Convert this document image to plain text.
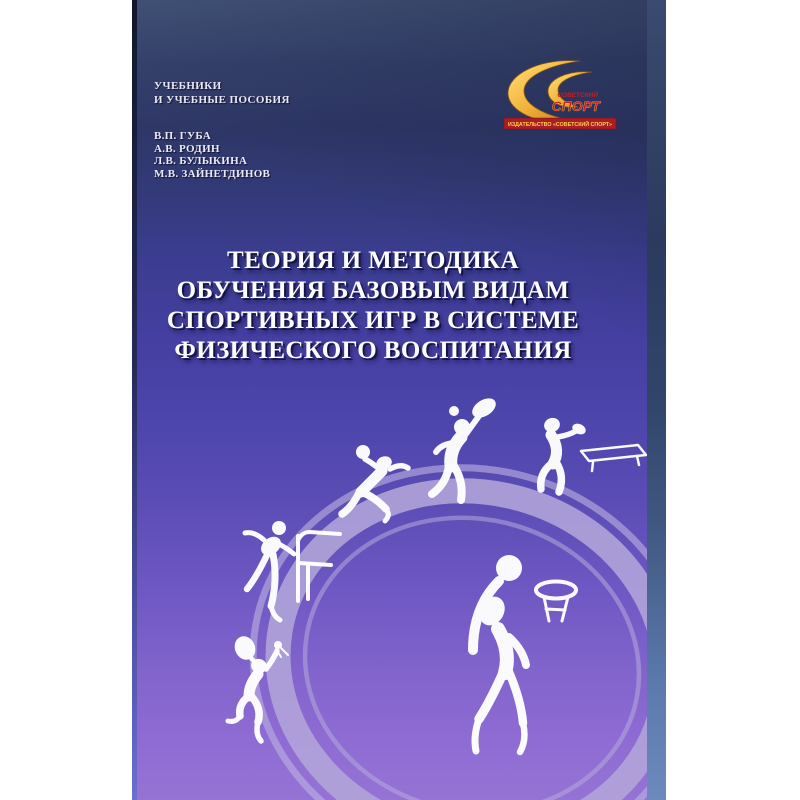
УЧЕБНИКИ
И УЧЕБНЫЕ ПОСОБИЯ	СОВЕТСКИЙ
СПОРТ
ИЗДАТЕЛЬСТВО «СОВЕТСКИЙ СПОРТ»
В.П. ГУБА
А.В. РОДИН
Л.В. БУЛЫКИНА
М.В. ЗАЙНЕТДИНОВ
ТЕОРИЯ И МЕТОДИКА
ОБУЧЕНИЯ БАЗОВЫМ ВИДАМ
СПОРТИВНЫХ ИГР В СИСТЕМЕ
ФИЗИЧЕСКОГО ВОСПИТАНИЯ
